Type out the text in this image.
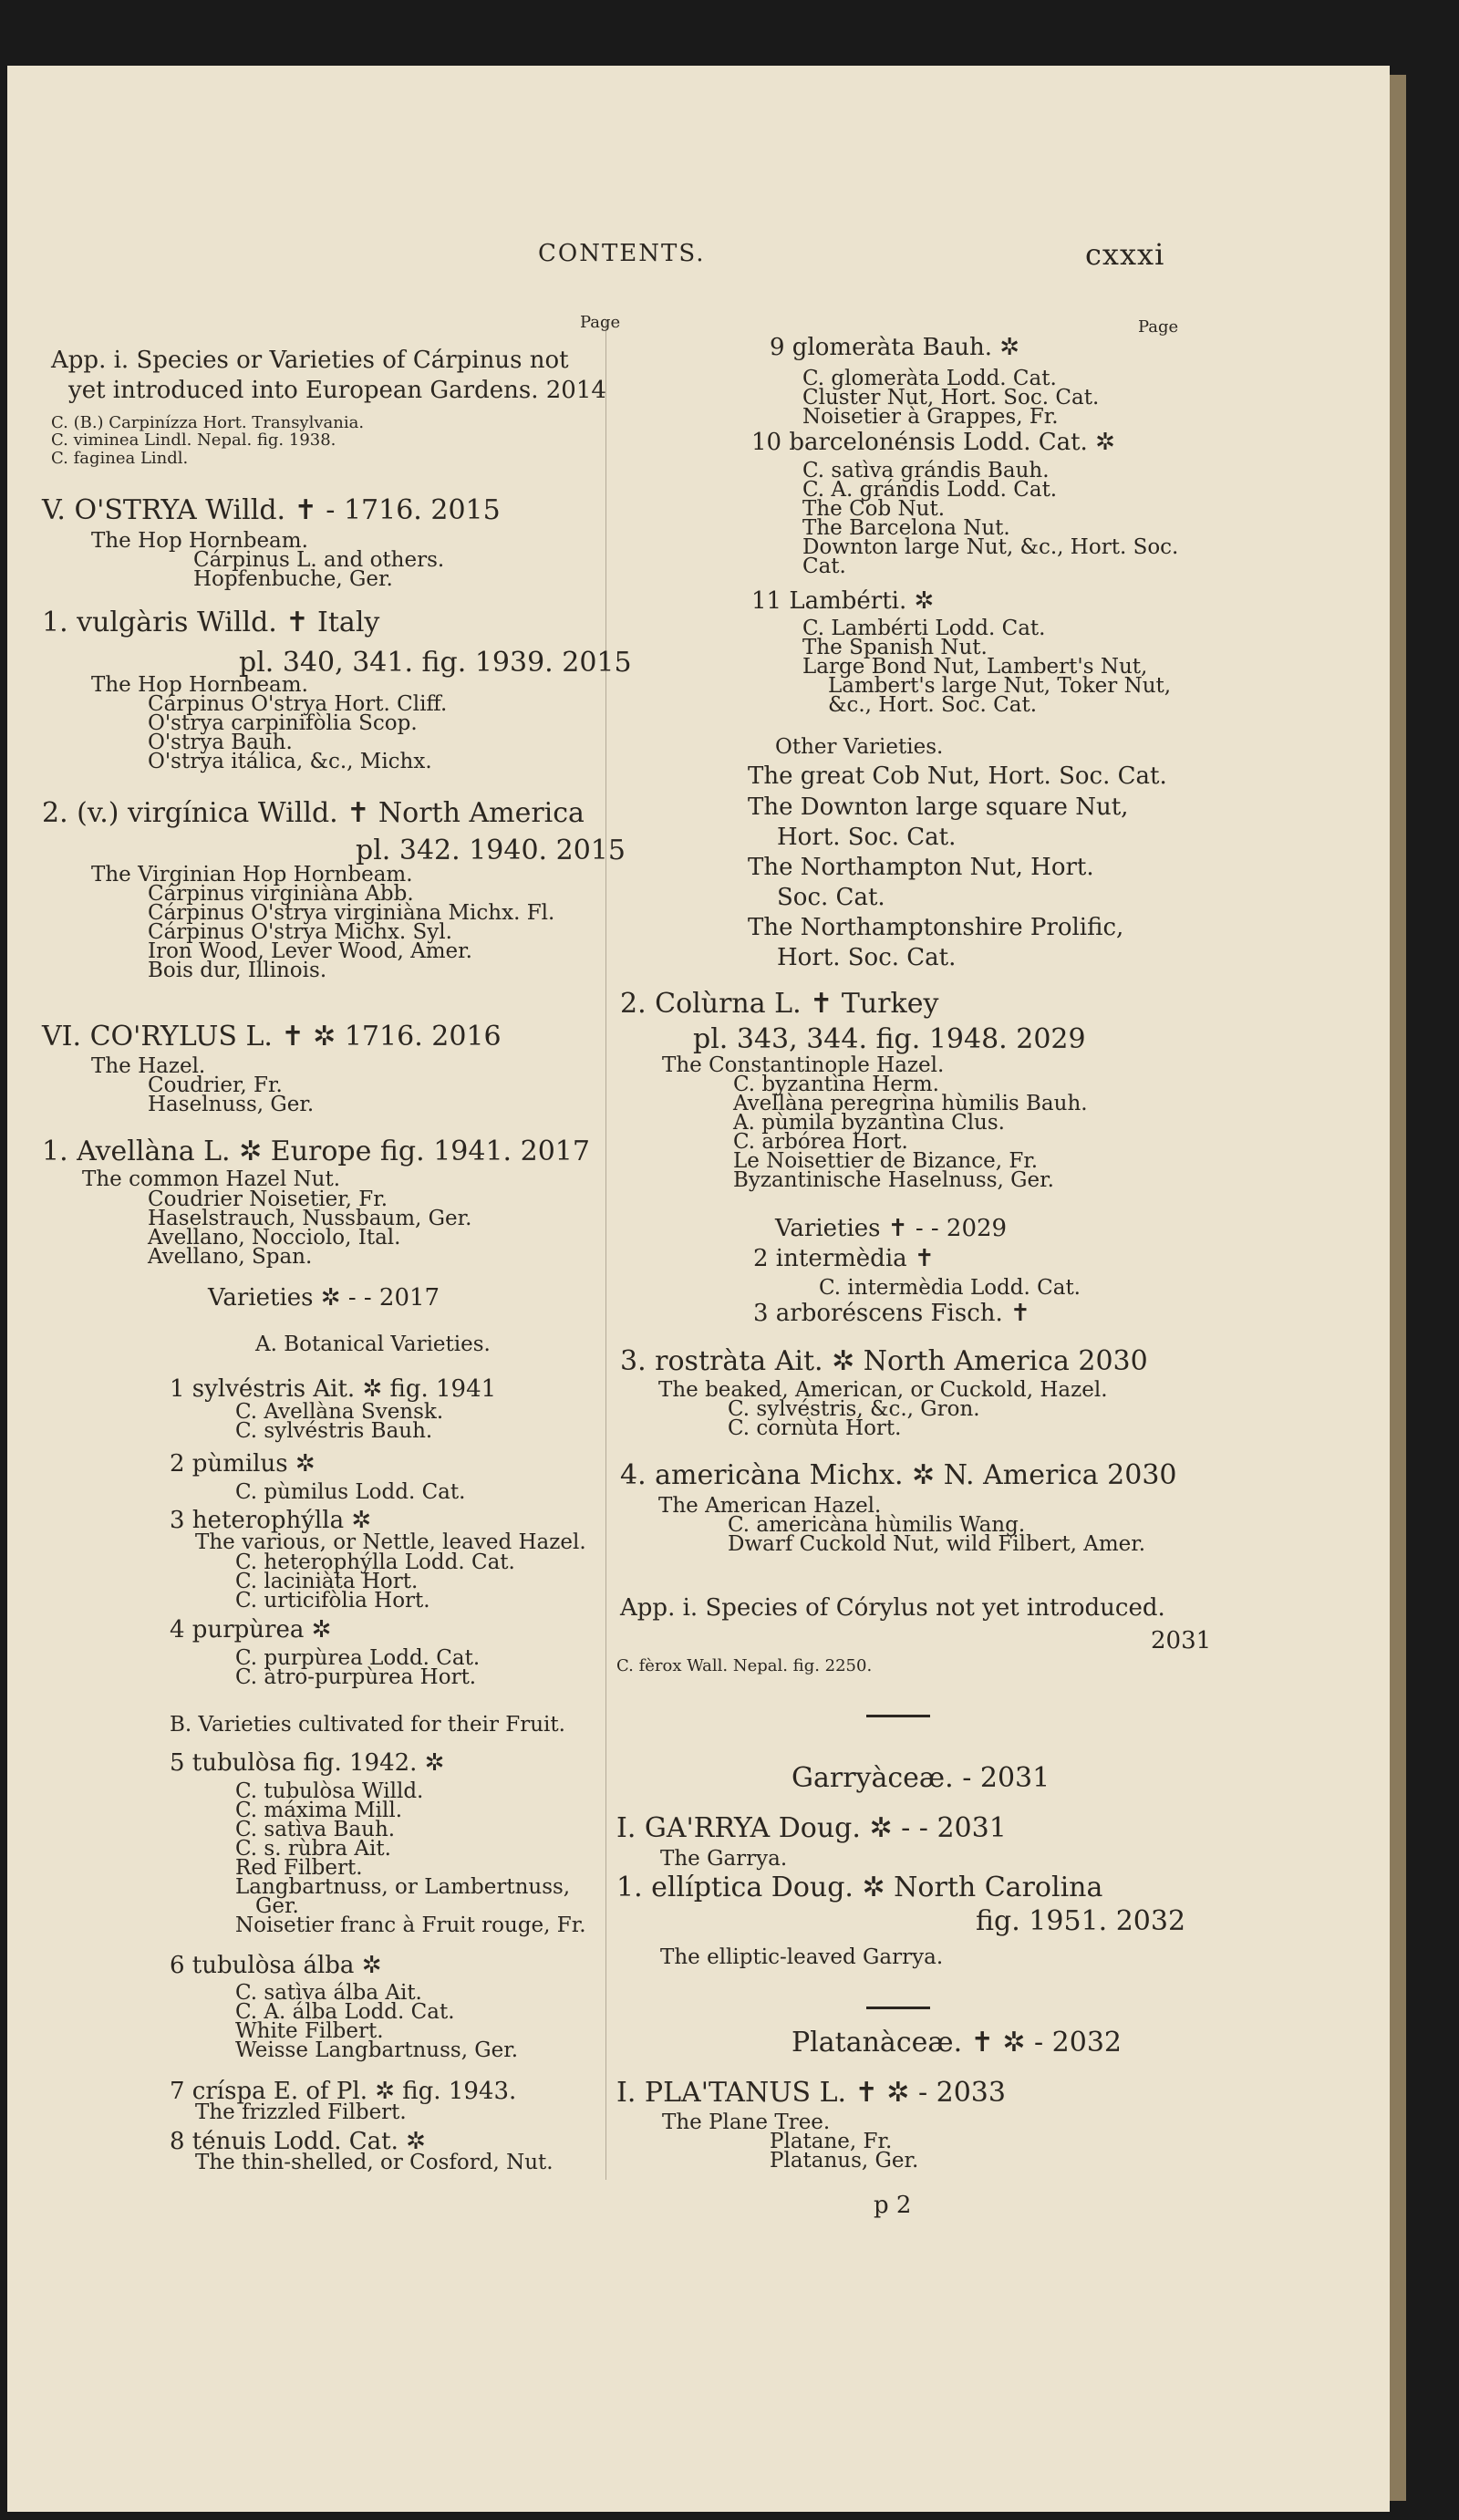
CONTENTS.	cxxxi
Page
App. i. Species or Varieties of Cárpinus not
yet introduced into European Gardens. 2014
C. (B.) Carpinízza Hort. Transylvania.
C. viminea Lindl. Nepal. fig. 1938.
C. faginea Lindl.
V. O'STRYA Willd. ✝ - 1716. 2015
The Hop Hornbeam.
Cárpinus L. and others.
Hopfenbuche, Ger.
1. vulgàris Willd. ✝ Italy
pl. 340, 341. fig. 1939. 2015
The Hop Hornbeam.
Cárpinus O'strya Hort. Cliff.
O'strya carpinifòlia Scop.
O'strya Bauh.
O'strya itálica, &c., Michx.
2. (v.) virgínica Willd. ✝ North America
pl. 342. 1940. 2015
The Virginian Hop Hornbeam.
Cárpinus virginiàna Abb.
Cárpinus O'strya virginiàna Michx. Fl.
Cárpinus O'strya Michx. Syl.
Iron Wood, Lever Wood, Amer.
Bois dur, Illinois.
VI. CO'RYLUS L. ✝ ✲ 1716. 2016
The Hazel.
Coudrier, Fr.
Haselnuss, Ger.
1. Avellàna L. ✲ Europe fig. 1941. 2017
The common Hazel Nut.
Coudrier Noisetier, Fr.
Haselstrauch, Nussbaum, Ger.
Avellano, Nocciolo, Ital.
Avellano, Span.
Varieties ✲ - - 2017
A. Botanical Varieties.
1 sylvéstris Ait. ✲ fig. 1941
C. Avellàna Svensk.
C. sylvéstris Bauh.
2 pùmilus ✲
C. pùmilus Lodd. Cat.
3 heterophýlla ✲
The various, or Nettle, leaved Hazel.
C. heterophýlla Lodd. Cat.
C. laciniàta Hort.
C. urticifòlia Hort.
4 purpùrea ✲
C. purpùrea Lodd. Cat.
C. àtro-purpùrea Hort.
B. Varieties cultivated for their Fruit.
5 tubulòsa fig. 1942. ✲
C. tubulòsa Willd.
C. máxima Mill.
C. satìva Bauh.
C. s. rùbra Ait.
Red Filbert.
Langbartnuss, or Lambertnuss,
Ger.
Noisetier franc à Fruit rouge, Fr.
6 tubulòsa álba ✲
C. satìva álba Ait.
C. A. álba Lodd. Cat.
White Filbert.
Weisse Langbartnuss, Ger.
7 críspa E. of Pl. ✲ fig. 1943.
The frizzled Filbert.
8 ténuis Lodd. Cat. ✲
The thin-shelled, or Cosford, Nut.
Page
9 glomeràta Bauh. ✲
C. glomeràta Lodd. Cat.
Cluster Nut, Hort. Soc. Cat.
Noisetier à Grappes, Fr.
10 barcelonénsis Lodd. Cat. ✲
C. satìva grándis Bauh.
C. A. grándis Lodd. Cat.
The Cob Nut.
The Barcelona Nut.
Downton large Nut, &c., Hort. Soc.
Cat.
11 Lambérti. ✲
C. Lambérti Lodd. Cat.
The Spanish Nut.
Large Bond Nut, Lambert's Nut,
Lambert's large Nut, Toker Nut,
&c., Hort. Soc. Cat.
Other Varieties.
The great Cob Nut, Hort. Soc. Cat.
The Downton large square Nut,
Hort. Soc. Cat.
The Northampton Nut, Hort.
Soc. Cat.
The Northamptonshire Prolific,
Hort. Soc. Cat.
2. Colùrna L. ✝ Turkey
pl. 343, 344. fig. 1948. 2029
The Constantinople Hazel.
C. byzantìna Herm.
Avellàna peregrìna hùmilis Bauh.
A. pùmila byzantìna Clus.
C. arbórea Hort.
Le Noisettier de Bizance, Fr.
Byzantinische Haselnuss, Ger.
Varieties ✝ - - 2029
2 intermèdia ✝
C. intermèdia Lodd. Cat.
3 arboréscens Fisch. ✝
3. rostràta Ait. ✲ North America 2030
The beaked, American, or Cuckold, Hazel.
C. sylvéstris, &c., Gron.
C. cornùta Hort.
4. americàna Michx. ✲ N. America 2030
The American Hazel.
C. americàna hùmilis Wang.
Dwarf Cuckold Nut, wild Filbert, Amer.
App. i. Species of Córylus not yet introduced.
2031
C. fèrox Wall. Nepal. fig. 2250.
Garryàceæ. - 2031
I. GA'RRYA Doug. ✲ - - 2031
The Garrya.
1. ellíptica Doug. ✲ North Carolina
fig. 1951. 2032
The elliptic-leaved Garrya.
Platanàceæ. ✝ ✲ - 2032
I. PLA'TANUS L. ✝ ✲ - 2033
The Plane Tree.
Platane, Fr.
Platanus, Ger.
p 2
